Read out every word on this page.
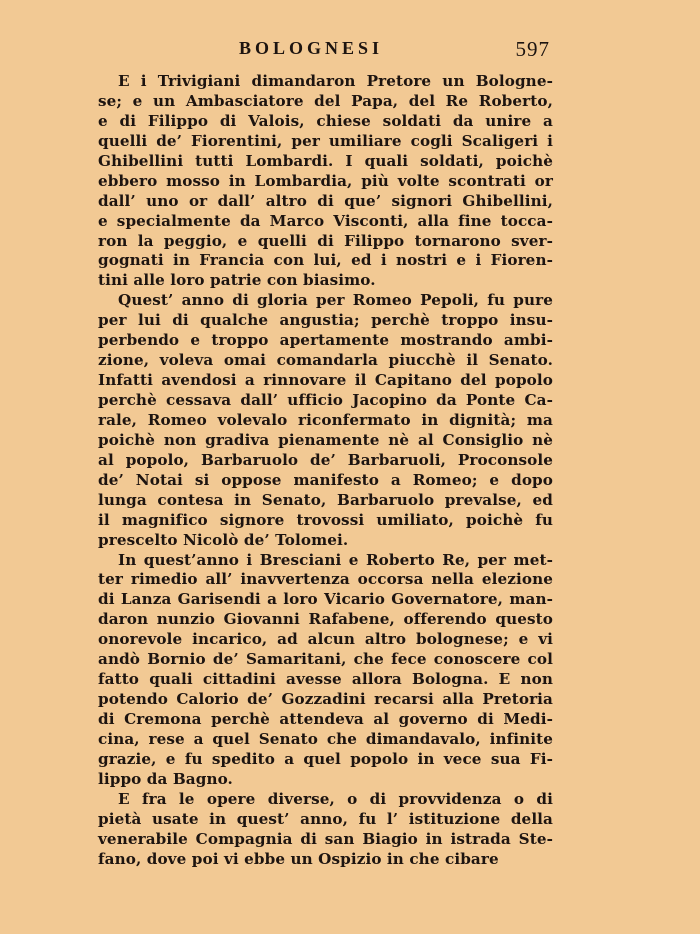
BOLOGNESI	597
E i Trivigiani dimandaron Pretore un Bologne-
se; e un Ambasciatore del Papa, del Re Roberto,
e di Filippo di Valois, chiese soldati da unire a
quelli de’ Fiorentini, per umiliare cogli Scaligeri i
Ghibellini tutti Lombardi. I quali soldati, poichè
ebbero mosso in Lombardia, più volte scontrati or
dall’ uno or dall’ altro di que’ signori Ghibellini,
e specialmente da Marco Visconti, alla fine tocca-
ron la peggio, e quelli di Filippo tornarono sver-
gognati in Francia con lui, ed i nostri e i Fioren-
tini alle loro patrie con biasimo.
Quest’ anno di gloria per Romeo Pepoli, fu pure
per lui di qualche angustia; perchè troppo insu-
perbendo e troppo apertamente mostrando ambi-
zione, voleva omai comandarla piucchè il Senato.
Infatti avendosi a rinnovare il Capitano del popolo
perchè cessava dall’ ufficio Jacopino da Ponte Ca-
rale, Romeo volevalo riconfermato in dignità; ma
poichè non gradiva pienamente nè al Consiglio nè
al popolo, Barbaruolo de’ Barbaruoli, Proconsole
de’ Notai si oppose manifesto a Romeo; e dopo
lunga contesa in Senato, Barbaruolo prevalse, ed
il magnifico signore trovossi umiliato, poichè fu
prescelto Nicolò de’ Tolomei.
In quest’anno i Bresciani e Roberto Re, per met-
ter rimedio all’ inavvertenza occorsa nella elezione
di Lanza Garisendi a loro Vicario Governatore, man-
daron nunzio Giovanni Rafabene, offerendo questo
onorevole incarico, ad alcun altro bolognese; e vi
andò Bornio de’ Samaritani, che fece conoscere col
fatto quali cittadini avesse allora Bologna. E non
potendo Calorio de’ Gozzadini recarsi alla Pretoria
di Cremona perchè attendeva al governo di Medi-
cina, rese a quel Senato che dimandavalo, infinite
grazie, e fu spedito a quel popolo in vece sua Fi-
lippo da Bagno.
E fra le opere diverse, o di provvidenza o di
pietà usate in quest’ anno, fu l’ istituzione della
venerabile Compagnia di san Biagio in istrada Ste-
fano, dove poi vi ebbe un Ospizio in che cibare
